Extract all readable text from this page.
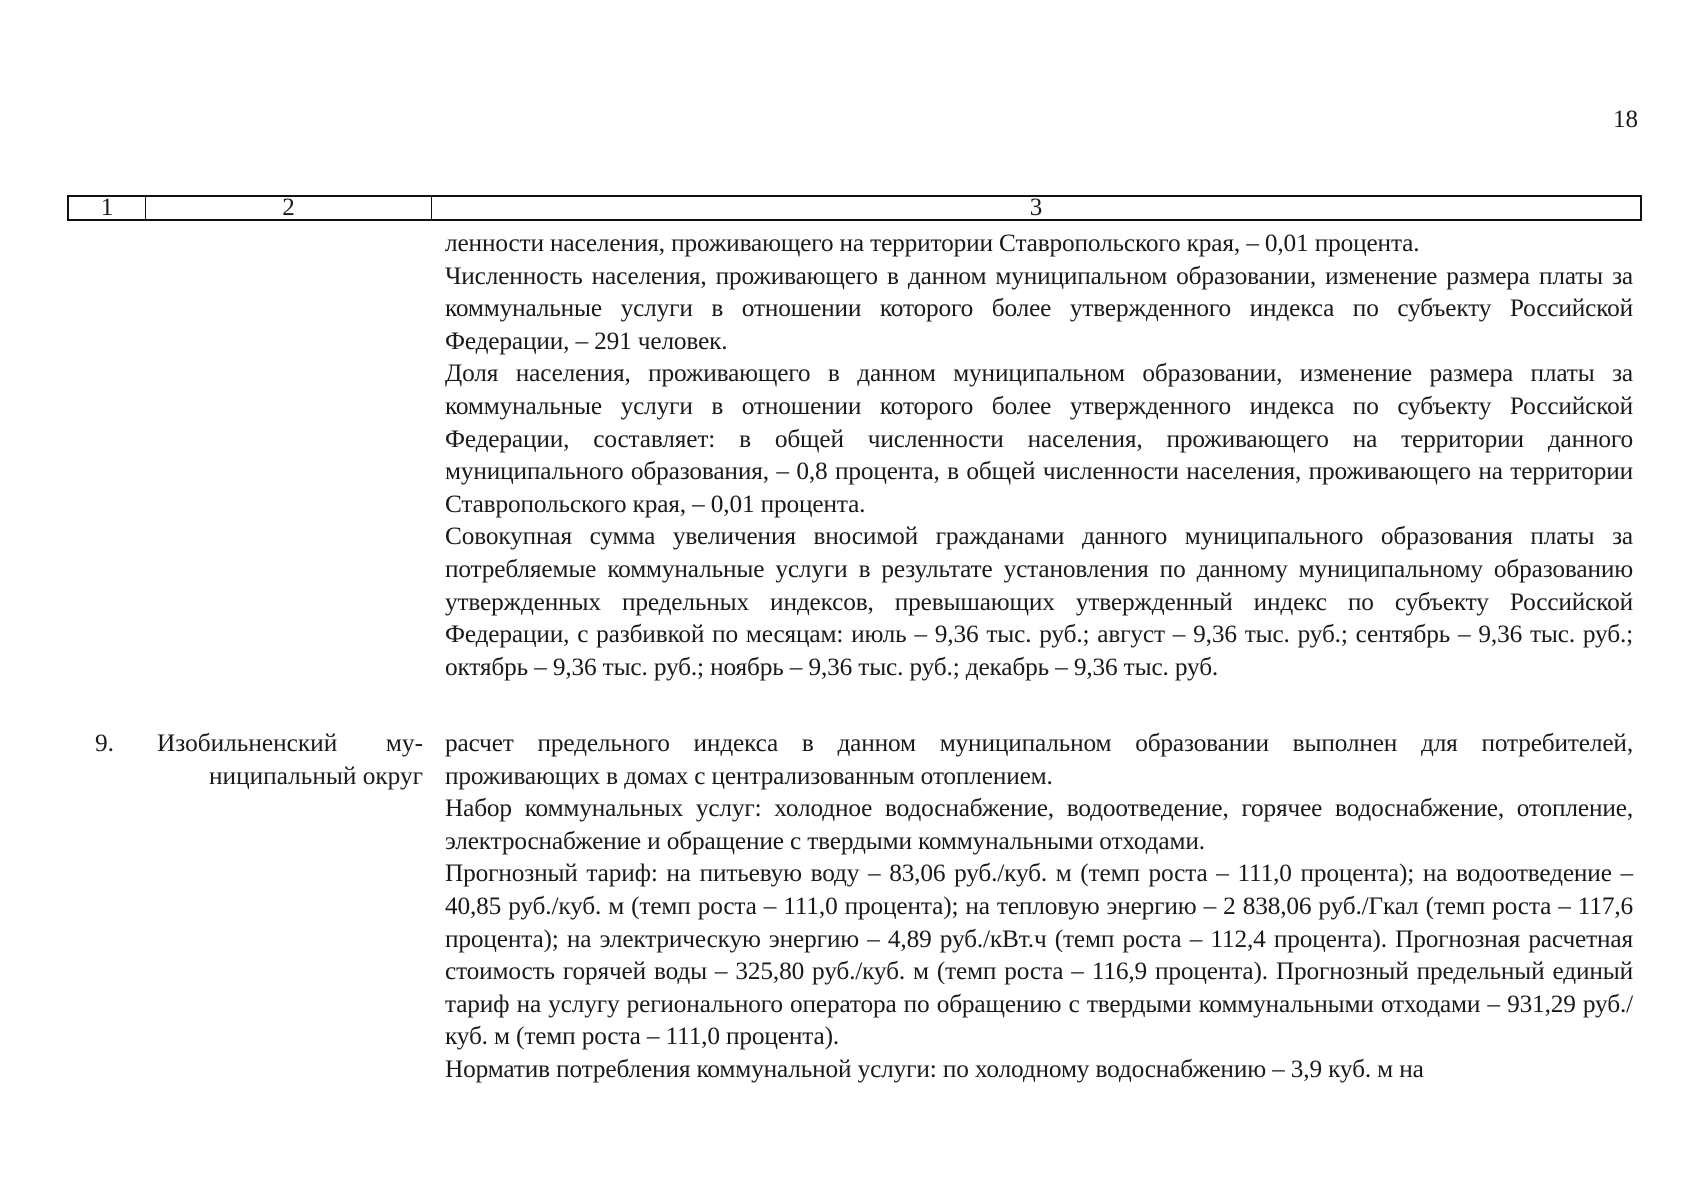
18
1	2	3

ленности населения, проживающего на территории Ставропольского края, – 0,01 процента.

Численность населения, проживающего в данном муниципальном образовании, изменение размера платы за коммунальные услуги в отношении которого более утвержденного индекса по субъекту Российской Федерации, – 291 человек.

Доля населения, проживающего в данном муниципальном образовании, изменение размера платы за коммунальные услуги в отношении которого более утвержденного индекса по субъекту Российской Федерации, составляет: в общей численности населения, проживающего на территории данного муниципального образования, – 0,8 процента, в общей численности населения, проживающего на территории Ставропольского края, – 0,01 процента.

Совокупная сумма увеличения вносимой гражданами данного муниципального образования платы за потребляемые коммунальные услуги в результате установления по данному муниципальному образованию утвержденных предельных индексов, превышающих утвержденный индекс по субъекту Российской Федерации, с разбивкой по месяцам: июль – 9,36 тыс. руб.; август – 9,36 тыс. руб.; сентябрь – 9,36 тыс. руб.; октябрь – 9,36 тыс. руб.; ноябрь – 9,36 тыс. руб.; декабрь – 9,36 тыс. руб.

9. Изобильненский му-
ниципальный округ

расчет предельного индекса в данном муниципальном образовании выполнен для потребителей, проживающих в домах с централизованным отоплением.

Набор коммунальных услуг: холодное водоснабжение, водоотведение, горячее водоснабжение, отопление, электроснабжение и обращение с твердыми коммунальными отходами.

Прогнозный тариф: на питьевую воду – 83,06 руб./куб. м (темп роста – 111,0 процента); на водоотведение – 40,85 руб./куб. м (темп роста – 111,0 процента); на тепловую энергию – 2 838,06 руб./Гкал (темп роста – 117,6 процента); на электрическую энергию – 4,89 руб./кВт.ч (темп роста – 112,4 процента). Прогнозная расчетная стоимость горячей воды – 325,80 руб./куб. м (темп роста – 116,9 процента). Прогнозный предельный единый тариф на услугу регионального оператора по обращению с твердыми коммунальными отходами – 931,29 руб./куб. м (темп роста – 111,0 процента).

Норматив потребления коммунальной услуги: по холодному водоснабжению – 3,9 куб. м на
